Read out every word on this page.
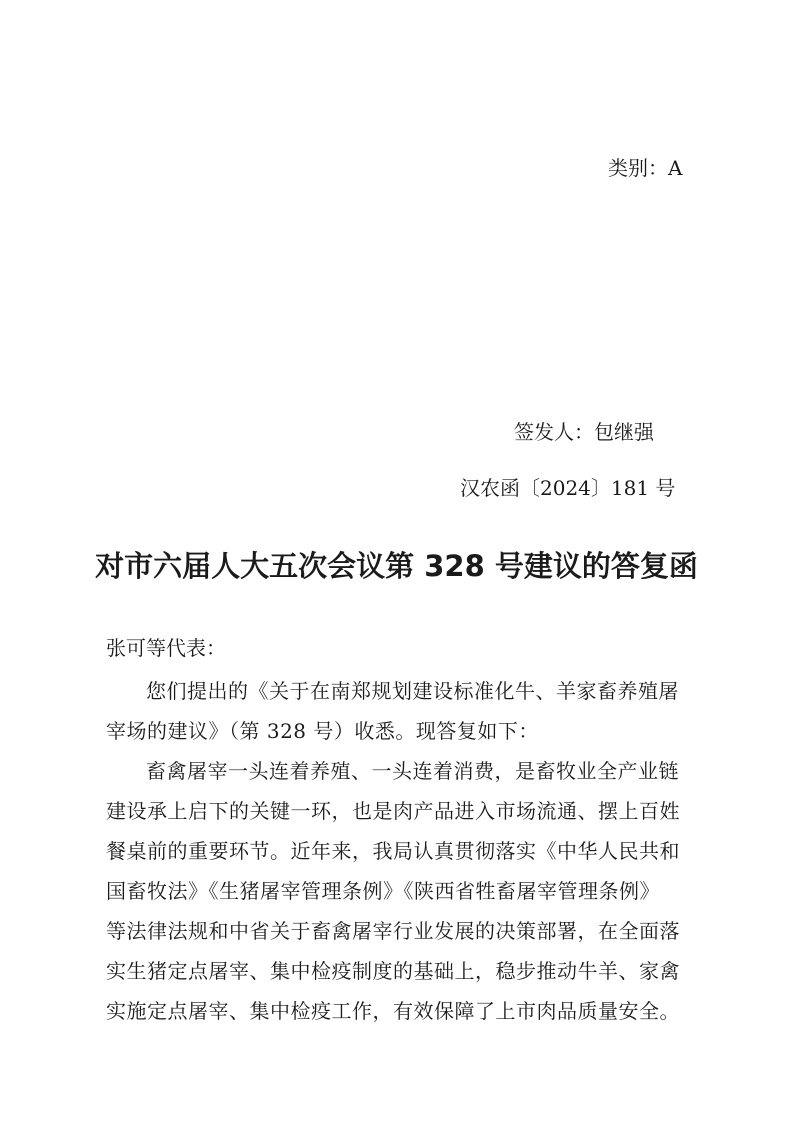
类别：A
签发人：包继强
汉农函〔2024〕181 号
对市六届人大五次会议第 328 号建议的答复函
张可等代表：
您们提出的《关于在南郑规划建设标准化牛、羊家畜养殖屠
宰场的建议》（第 328 号）收悉。现答复如下：
畜禽屠宰一头连着养殖、一头连着消费，是畜牧业全产业链
建设承上启下的关键一环，也是肉产品进入市场流通、摆上百姓
餐桌前的重要环节。近年来，我局认真贯彻落实《中华人民共和
国畜牧法》《生猪屠宰管理条例》《陕西省牲畜屠宰管理条例》
等法律法规和中省关于畜禽屠宰行业发展的决策部署，在全面落
实生猪定点屠宰、集中检疫制度的基础上，稳步推动牛羊、家禽
实施定点屠宰、集中检疫工作，有效保障了上市肉品质量安全。
